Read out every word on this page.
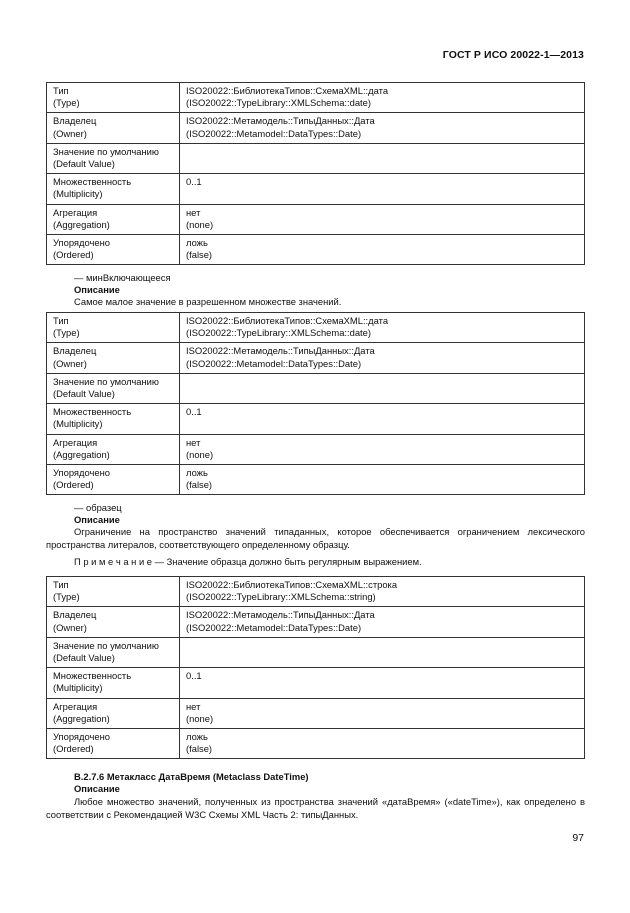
ГОСТ Р ИСО 20022-1—2013
Тип
(Type)	ISO20022::БиблиотекаТипов::СхемаXML::дата
(ISO20022::TypeLibrary::XMLSchema::date)

Владелец
(Owner)	ISO20022::Метамодель::ТипыДанных::Дата
(ISO20022::Metamodel::DataTypes::Date)

Значение по умолчанию
(Default Value)	

Множественность
(Multiplicity)	0..1

Агрегация
(Aggregation)	нет
(none)

Упорядочено
(Ordered)	ложь
(false)
— минВключающееся
Описание
Самое малое значение в разрешенном множестве значений.
Тип
(Type)	ISO20022::БиблиотекаТипов::СхемаXML::дата
(ISO20022::TypeLibrary::XMLSchema::date)

Владелец
(Owner)	ISO20022::Метамодель::ТипыДанных::Дата
(ISO20022::Metamodel::DataTypes::Date)

Значение по умолчанию
(Default Value)	

Множественность
(Multiplicity)	0..1

Агрегация
(Aggregation)	нет
(none)

Упорядочено
(Ordered)	ложь
(false)
— образец
Описание
Ограничение на пространство значений типаданных, которое обеспечивается ограничением лексического пространства литералов, соответствующего определенному образцу.
П р и м е ч а н и е — Значение образца должно быть регулярным выражением.
Тип
(Type)	ISO20022::БиблиотекаТипов::СхемаXML::строка
(ISO20022::TypeLibrary::XMLSchema::string)

Владелец
(Owner)	ISO20022::Метамодель::ТипыДанных::Дата
(ISO20022::Metamodel::DataTypes::Date)

Значение по умолчанию
(Default Value)	

Множественность
(Multiplicity)	0..1

Агрегация
(Aggregation)	нет
(none)

Упорядочено
(Ordered)	ложь
(false)
B.2.7.6 Метакласс ДатаВремя (Metaclass DateTime)
Описание
Любое множество значений, полученных из пространства значений «датаВремя» («dateTime»), как определено в соответствии с Рекомендацией W3C Схемы XML Часть 2: типыДанных.
97
